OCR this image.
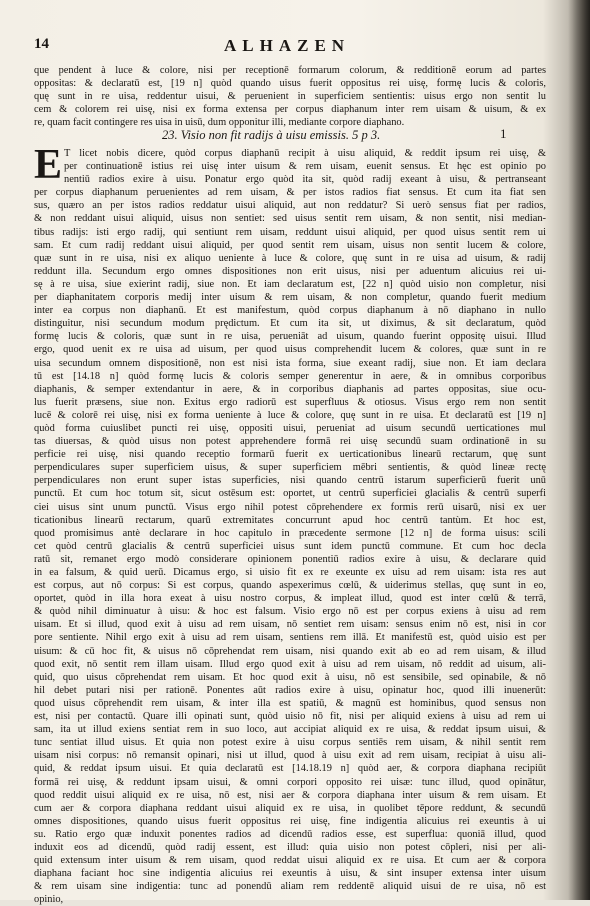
14	ALHAZEN
que pendent à luce & colore, nisi per receptionē formarum colorum, & redditionē eorum ad partes
oppositas: & declaratū est, [19 n] quòd quando uisus fuerit oppositus rei uisę, formę lucis & coloris,
quę sunt in re uisa, reddentur uisui, & peruenient in superficiem sentientis: uisus ergo non sentit lu
cem & colorem rei uisę, nisi ex forma extensa per corpus diaphanum inter rem uisam & uisum, & ex
re, quam facit contingere res uisa in uisū, dum opponitur illi, mediante corpore diaphano.
23. Visio non fit radijs à uisu emissis. 5 p 3.	1
E T licet nobis dicere, quòd corpus diaphanū recipit à uisu aliquid, & reddit ipsum rei uisę, &
per continuationē istius rei uisę inter uisum & rem uisam, euenit sensus. Et hęc est opinio po
nentiū radios exire à uisu. Ponatur ergo quòd ita sit, quòd radij exeant à uisu, & pertranseant
per corpus diaphanum peruenientes ad rem uisam, & per istos radios fiat sensus. Et cum ita fiat sen
sus, quæro an per istos radios reddatur uisui aliquid, aut non reddatur? Si uerò sensus fiat per radios,
& non reddant uisui aliquid, uisus non sentiet: sed uisus sentit rem uisam, & non sentit, nisi median-
tibus radijs: isti ergo radij, qui sentiunt rem uisam, reddunt uisui aliquid, per quod uisus sentit rem ui
sam. Et cum radij reddant uisui aliquid, per quod sentit rem uisam, uisus non sentit lucem & colore,
quæ sunt in re uisa, nisi ex aliquo ueniente à luce & colore, quę sunt in re uisa ad uisum, & radij
reddunt illa. Secundum ergo omnes dispositiones non erit uisus, nisi per aduentum alicuius rei ui-
sę à re uisa, siue exierint radij, siue non. Et iam declaratum est, [22 n] quòd uisio non completur, nisi
per diaphanitatem corporis medij inter uisum & rem uisam, & non completur, quando fuerit medium
inter ea corpus non diaphanū. Et est manifestum, quòd corpus diaphanum à nō diaphano in nullo
distinguitur, nisi secundum modum prędictum. Et cum ita sit, ut diximus, & sit declaratum, quòd
formę lucis & coloris, quæ sunt in re uisa, perueniāt ad uisum, quando fuerint oppositę uisui. Illud
ergo, quod uenit ex re uisa ad uisum, per quod uisus comprehendit lucem & colores, quæ sunt in re
uisa secundum omnem dispositionē, non est nisi ista forma, siue exeant radij, siue non. Et iam declara
tū est [14.18 n] quòd formę lucis & coloris semper generentur in aere, & in omnibus corporibus
diaphanis, & semper extendantur in aere, & in corporibus diaphanis ad partes oppositas, siue ocu-
lus fuerit præsens, siue non. Exitus ergo radiorū est superfluus & otiosus. Visus ergo rem non sentit
lucē & colorē rei uisę, nisi ex forma ueniente à luce & colore, quę sunt in re uisa. Et declaratū est [19 n]
quòd forma cuiuslibet puncti rei uisę, oppositi uisui, perueniat ad uisum secundū uerticationes mul
tas diuersas, & quòd uisus non potest apprehendere formā rei uisę secundū suam ordinationē in su
perficie rei uisę, nisi quando receptio formarū fuerit ex uerticationibus linearū rectarum, quę sunt
perpendiculares super superficiem uisus, & super superficiem mēbri sentientis, & quòd lineæ rectę
perpendiculares non erunt super istas superficies, nisi quando centrū istarum superficierū fuerit unū
punctū. Et cum hoc totum sit, sicut ostēsum est: oportet, ut centrū superficiei glacialis & centrū superfi
ciei uisus sint unum punctū. Visus ergo nihil potest cōprehendere ex formis rerū uisarū, nisi ex uer
ticationibus linearū rectarum, quarū extremitates concurrunt apud hoc centrū tantùm. Et hoc est,
quod promisimus antè declarare in hoc capitulo in præcedente sermone [12 n] de forma uisus: scili
cet quòd centrū glacialis & centrū superficiei uisus sunt idem punctū commune. Et cum hoc decla
ratū sit, remanet ergo modò considerare opinionem ponentiū radios exire à uisu, & declarare quid
in ea falsum, & quid uerū. Dicamus ergo, si uisio fit ex re exeunte ex uisu ad rem uisam: ista res aut
est corpus, aut nō corpus: Si est corpus, quando aspexerimus cœlū, & uiderimus stellas, quę sunt in eo,
oportet, quòd in illa hora exeat à uisu nostro corpus, & impleat illud, quod est inter cœlū & terrā,
& quòd nihil diminuatur à uisu: & hoc est falsum. Visio ergo nō est per corpus exiens à uisu ad rem
uisam. Et si illud, quod exit à uisu ad rem uisam, nō sentiet rem uisam: sensus enim nō est, nisi in cor
pore sentiente. Nihil ergo exit à uisu ad rem uisam, sentiens rem illā. Et manifestū est, quòd uisio est per
uisum: & cū hoc fit, & uisus nō cōprehendat rem uisam, nisi quando exit ab eo ad rem uisam, & illud
quod exit, nō sentit rem illam uisam. Illud ergo quod exit à uisu ad rem uisam, nō reddit ad uisum, ali-
quid, quo uisus cōprehendat rem uisam. Et hoc quod exit à uisu, nō est sensibile, sed opinabile, & nō
hil debet putari nisi per rationē. Ponentes aūt radios exire à uisu, opinatur hoc, quod illi inuenerūt:
quod uisus cōprehendit rem uisam, & inter illa est spatiū, & magnū est hominibus, quod sensus non
est, nisi per contactū. Quare illi opinati sunt, quòd uisio nō fit, nisi per aliquid exiens à uisu ad rem ui
sam, ita ut illud exiens sentiat rem in suo loco, aut accipiat aliquid ex re uisa, & reddat ipsum uisui, &
tunc sentiat illud uisus. Et quia non potest exire à uisu corpus sentiēs rem uisam, & nihil sentit rem
uisam nisi corpus: nō remansit opinari, nisi ut illud, quod à uisu exit ad rem uisam, recipiat à uisu ali-
quid, & reddat ipsum uisui. Et quia declaratū est [14.18.19 n] quòd aer, & corpora diaphana recipiūt
formā rei uisę, & reddunt ipsam uisui, & omni corpori opposito rei uisæ: tunc illud, quod opinātur,
quod reddit uisui aliquid ex re uisa, nō est, nisi aer & corpora diaphana inter uisum & rem uisam. Et
cum aer & corpora diaphana reddant uisui aliquid ex re uisa, in quolibet tēpore reddunt, & secundū
omnes dispositiones, quando uisus fuerit oppositus rei uisę, fine indigentia alicuius rei exeuntis à ui
su. Ratio ergo quæ induxit ponentes radios ad dicendū radios esse, est superflua: quoniā illud, quod
induxit eos ad dicendū, quòd radij essent, est illud: quia uisio non potest cōpleri, nisi per ali-
quid extensum inter uisum & rem uisam, quod reddat uisui aliquid ex re uisa. Et cum aer & corpora
diaphana faciant hoc sine indigentia alicuius rei exeuntis à uisu, & sint insuper extensa inter uisum
& rem uisam sine indigentia: tunc ad ponendū aliam rem reddentē aliquid uisui de re uisa, nō est
opinio,
